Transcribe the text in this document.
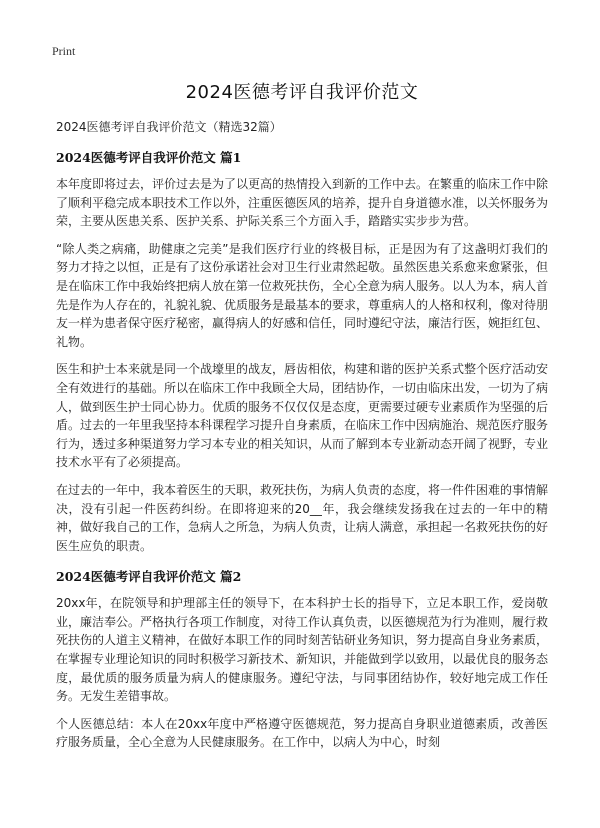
Print

2024医德考评自我评价范文

2024医德考评自我评价范文（精选32篇）

2024医德考评自我评价范文 篇1

本年度即将过去，评价过去是为了以更高的热情投入到新的工作中去。在繁重的临床工作中除了顺利平稳完成本职技术工作以外，注重医德医风的培养，提升自身道德水准，以关怀服务为荣，主要从医患关系、医护关系、护际关系三个方面入手，踏踏实实步步为营。

“除人类之病痛，助健康之完美”是我们医疗行业的终极目标，正是因为有了这盏明灯我们的努力才持之以恒，正是有了这份承诺社会对卫生行业肃然起敬。虽然医患关系愈来愈紧张，但是在临床工作中我始终把病人放在第一位救死扶伤，全心全意为病人服务。以人为本，病人首先是作为人存在的，礼貌礼貌、优质服务是最基本的要求，尊重病人的人格和权利，像对待朋友一样为患者保守医疗秘密，赢得病人的好感和信任，同时遵纪守法，廉洁行医，婉拒红包、礼物。

医生和护士本来就是同一个战壕里的战友，唇齿相依，构建和谐的医护关系式整个医疗活动安全有效进行的基础。所以在临床工作中我顾全大局，团结协作，一切由临床出发，一切为了病人，做到医生护士同心协力。优质的服务不仅仅仅是态度，更需要过硬专业素质作为坚强的后盾。过去的一年里我坚持本科课程学习提升自身素质，在临床工作中因病施治、规范医疗服务行为，透过多种渠道努力学习本专业的相关知识，从而了解到本专业新动态开阔了视野，专业技术水平有了必须提高。

在过去的一年中，我本着医生的天职，救死扶伤，为病人负责的态度，将一件件困难的事情解决，没有引起一件医药纠纷。在即将迎来的20__年，我会继续发扬我在过去的一年中的精神，做好我自己的工作，急病人之所急，为病人负责，让病人满意，承担起一名救死扶伤的好医生应负的职责。

2024医德考评自我评价范文 篇2

20xx年，在院领导和护理部主任的领导下，在本科护士长的指导下，立足本职工作，爱岗敬业，廉洁奉公。严格执行各项工作制度，对待工作认真负责，以医德规范为行为准则，履行救死扶伤的人道主义精神，在做好本职工作的同时刻苦钻研业务知识，努力提高自身业务素质，在掌握专业理论知识的同时积极学习新技术、新知识，并能做到学以致用，以最优良的服务态度，最优质的服务质量为病人的健康服务。遵纪守法，与同事团结协作，较好地完成工作任务。无发生差错事故。

个人医德总结：本人在20xx年度中严格遵守医德规范，努力提高自身职业道德素质，改善医疗服务质量，全心全意为人民健康服务。在工作中，以病人为中心，时刻
